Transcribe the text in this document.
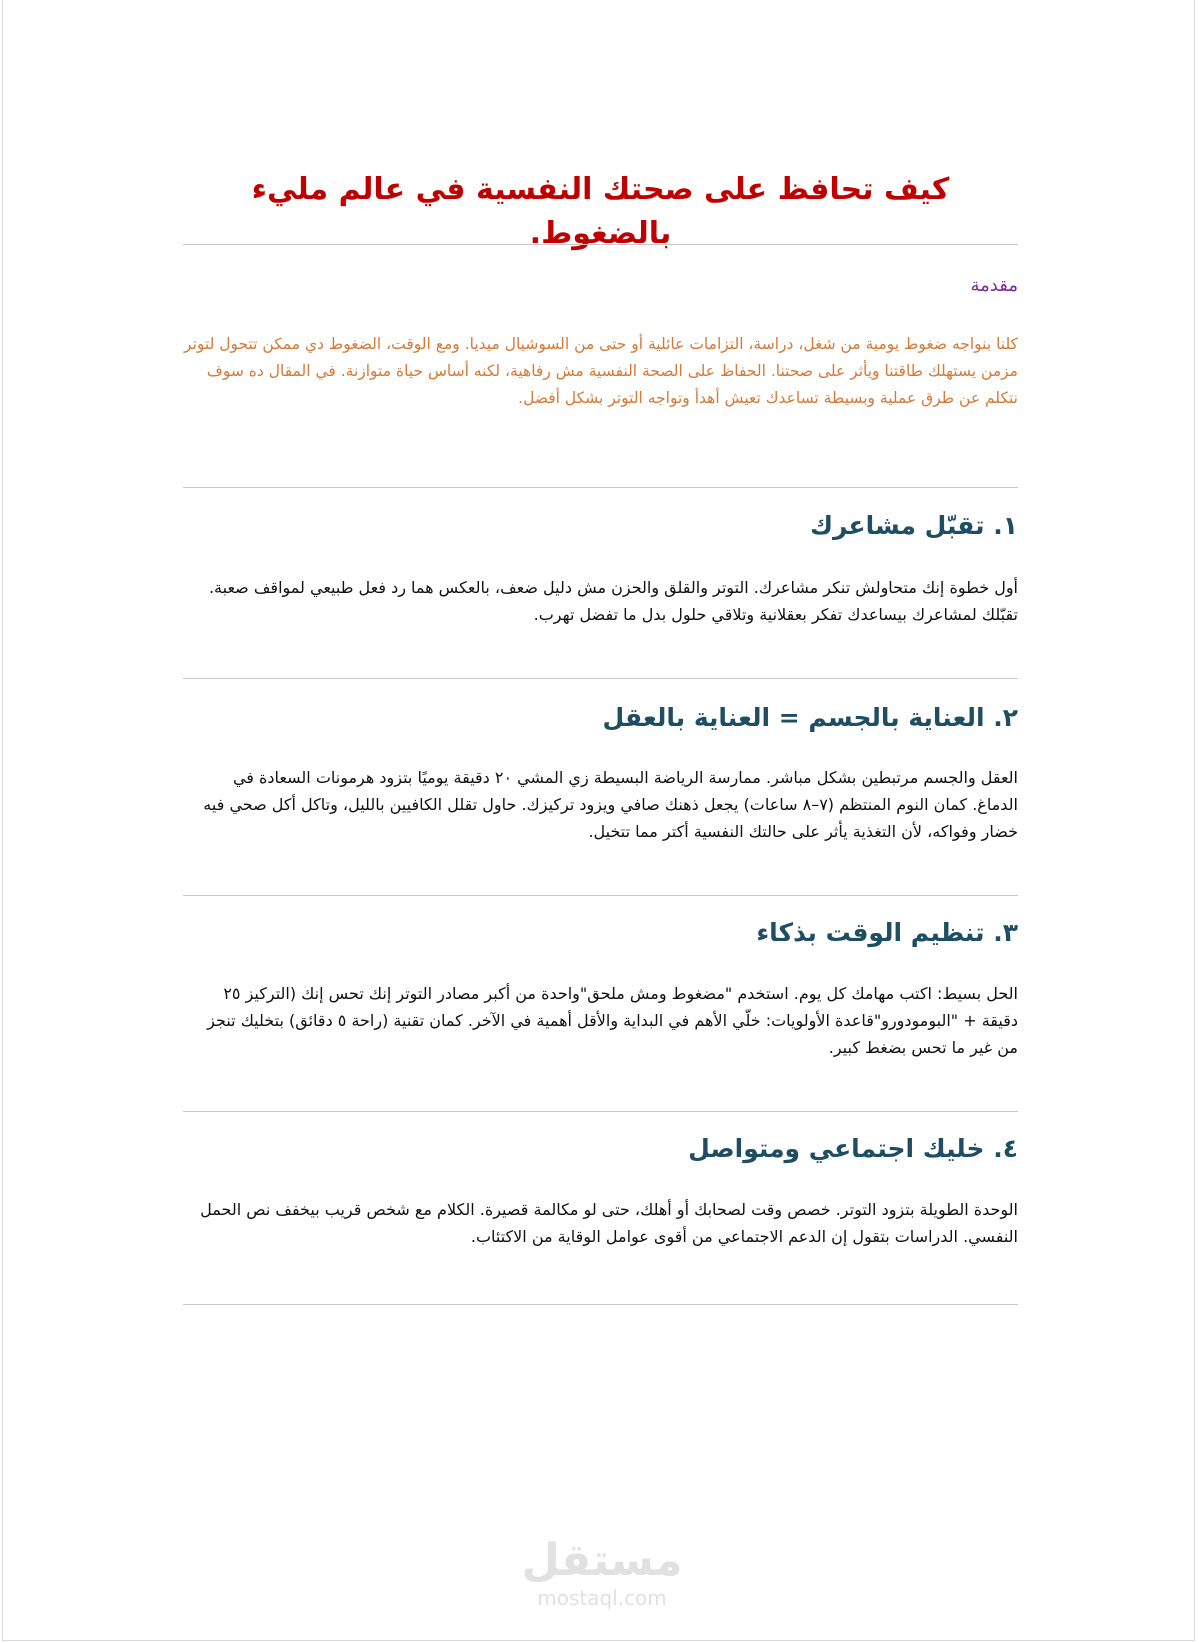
كيف تحافظ على صحتك النفسية في عالم مليء بالضغوط.

مقدمة

كلنا بنواجه ضغوط يومية من شغل، دراسة، التزامات عائلية أو حتى من السوشيال ميديا. ومع الوقت، الضغوط دي ممكن تتحول لتوتر مزمن يستهلك طاقتنا ويأثر على صحتنا. الحفاظ على الصحة النفسية مش رفاهية، لكنه أساس حياة متوازنة. في المقال ده سوف نتكلم عن طرق عملية وبسيطة تساعدك تعيش أهدأ وتواجه التوتر بشكل أفضل.

١. تقبّل مشاعرك

أول خطوة إنك متحاولش تنكر مشاعرك. التوتر والقلق والحزن مش دليل ضعف، بالعكس هما رد فعل طبيعي لمواقف صعبة. تقبّلك لمشاعرك بيساعدك تفكر بعقلانية وتلاقي حلول بدل ما تفضل تهرب.

٢. العناية بالجسم = العناية بالعقل

العقل والجسم مرتبطين بشكل مباشر. ممارسة الرياضة البسيطة زي المشي ٢٠ دقيقة يوميًا بتزود هرمونات السعادة في الدماغ. كمان النوم المنتظم (٧–٨ ساعات) يجعل ذهنك صافي ويزود تركيزك. حاول تقلل الكافيين بالليل، وتاكل أكل صحي فيه خضار وفواكه، لأن التغذية يأثر على حالتك النفسية أكتر مما تتخيل.

٣. تنظيم الوقت بذكاء

الحل بسيط: اكتب مهامك كل يوم. استخدم "مضغوط ومش ملحق"واحدة من أكبر مصادر التوتر إنك تحس إنك (التركيز ٢٥ دقيقة + "البومودورو"قاعدة الأولويات: خلّي الأهم في البداية والأقل أهمية في الآخر. كمان تقنية (راحة ٥ دقائق) بتخليك تنجز من غير ما تحس بضغط كبير.

٤. خليك اجتماعي ومتواصل

الوحدة الطويلة بتزود التوتر. خصص وقت لصحابك أو أهلك، حتى لو مكالمة قصيرة. الكلام مع شخص قريب بيخفف نص الحمل النفسي. الدراسات بتقول إن الدعم الاجتماعي من أقوى عوامل الوقاية من الاكتئاب.

مستقل
mostaql.com
